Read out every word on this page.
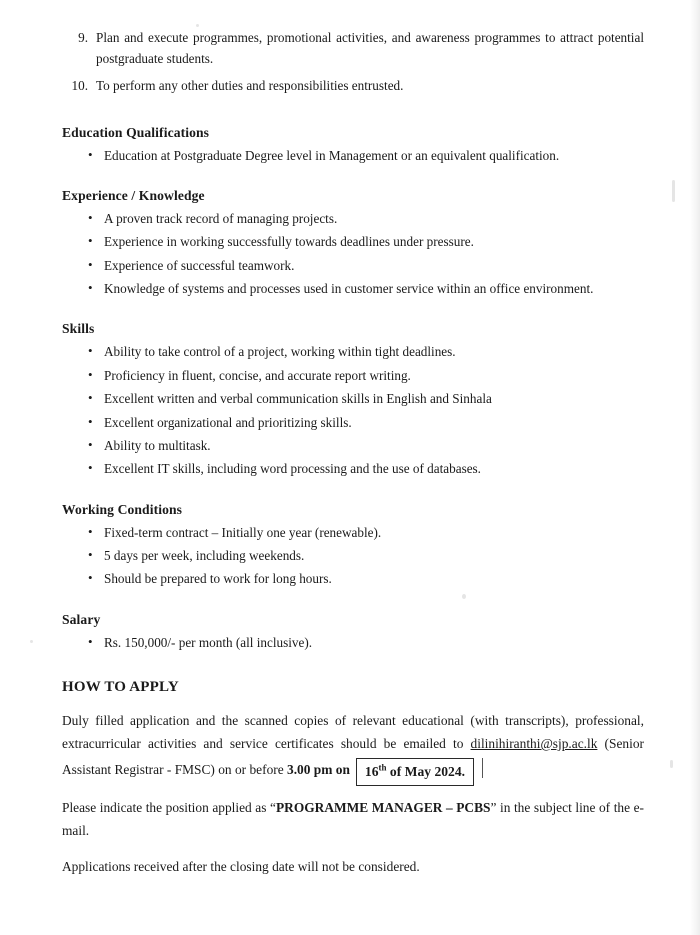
9. Plan and execute programmes, promotional activities, and awareness programmes to attract potential postgraduate students.
10. To perform any other duties and responsibilities entrusted.
Education Qualifications
• Education at Postgraduate Degree level in Management or an equivalent qualification.
Experience / Knowledge
• A proven track record of managing projects.
• Experience in working successfully towards deadlines under pressure.
• Experience of successful teamwork.
• Knowledge of systems and processes used in customer service within an office environment.
Skills
• Ability to take control of a project, working within tight deadlines.
• Proficiency in fluent, concise, and accurate report writing.
• Excellent written and verbal communication skills in English and Sinhala
• Excellent organizational and prioritizing skills.
• Ability to multitask.
• Excellent IT skills, including word processing and the use of databases.
Working Conditions
• Fixed-term contract – Initially one year (renewable).
• 5 days per week, including weekends.
• Should be prepared to work for long hours.
Salary
• Rs. 150,000/- per month (all inclusive).
HOW TO APPLY

Duly filled application and the scanned copies of relevant educational (with transcripts), professional, extracurricular activities and service certificates should be emailed to dilinihiranthi@sjp.ac.lk (Senior Assistant Registrar - FMSC) on or before 3.00 pm on 16th of May 2024.

Please indicate the position applied as “PROGRAMME MANAGER – PCBS” in the subject line of the e-mail.

Applications received after the closing date will not be considered.
